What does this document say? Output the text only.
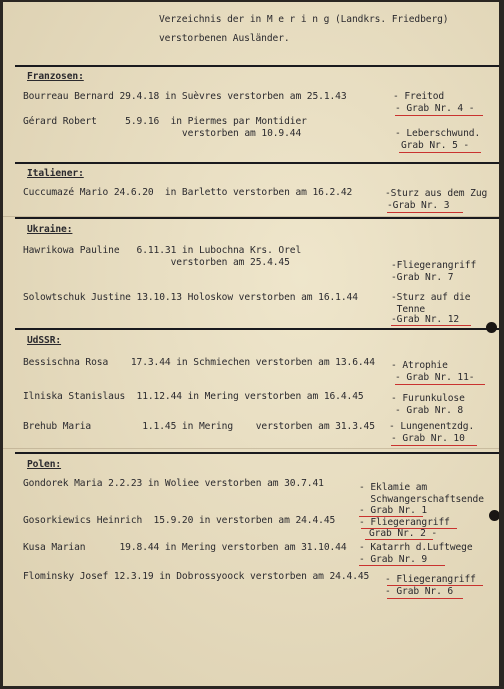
Verzeichnis der in M e r i n g (Landkrs. Friedberg)
verstorbenen Ausländer.
Franzosen:
Bourreau Bernard 29.4.18 in Suèvres verstorben am 25.1.43	- Freitod
- Grab Nr. 4 -
Gérard Robert     5.9.16  in Piermes par Montidier
verstorben am 10.9.44	- Leberschwund.
Grab Nr. 5 -
Italiener:
Cuccumazé Mario 24.6.20  in Barletto verstorben am 16.2.42	-Sturz aus dem Zug
-Grab Nr. 3
Ukraine:
Hawrikowa Pauline   6.11.31 in Lubochna Krs. Orel
verstorben am 25.4.45	-Fliegerangriff
-Grab Nr. 7
Solowtschuk Justine 13.10.13 Holoskow verstorben am 16.1.44	-Sturz auf die
Tenne
-Grab Nr. 12
UdSSR:
Bessischna Rosa    17.3.44 in Schmiechen verstorben am 13.6.44 - Atrophie
- Grab Nr. 11-
Ilniska Stanislaus  11.12.44 in Mering verstorben am 16.4.45	- Furunkulose
- Grab Nr. 8
Brehub Maria         1.1.45 in Mering    verstorben am 31.3.45 - Lungenentzdg.
- Grab Nr. 10
Polen:
Gondorek Maria 2.2.23 in Woliee verstorben am 30.7.41	- Eklamie am
Schwangerschaftsende
- Grab Nr. 1
Gosorkiewics Heinrich  15.9.20 in verstorben am 24.4.45 - Fliegerangriff
Grab Nr. 2 -
Kusa Marian      19.8.44 in Mering verstorben am 31.10.44 - Katarrh d.Luftwege
- Grab Nr. 9
Flominsky Josef 12.3.19 in Dobrossyoock verstorben am 24.4.45 - Fliegerangriff
- Grab Nr. 6
